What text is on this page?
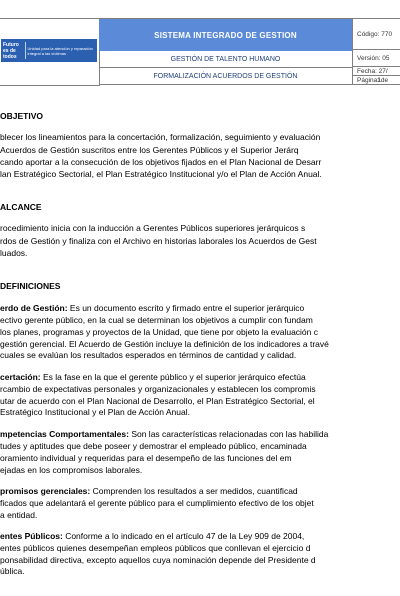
Futuro es de todos
Unidad para la atención y reparación integral a las víctimas
SISTEMA INTEGRADO DE GESTION
GESTIÓN DE TALENTO HUMANO
FORMALIZACIÓN ACUERDOS DE GESTIÓN
Código: 770
Versión: 05
Fecha: 27/
Página 1 de
OBJETIVO
blecer los lineamientos para la concertación, formalización, seguimiento y evaluación
Acuerdos de Gestión suscritos entre los Gerentes Públicos y el Superior Jerárq
cando aportar a la consecución de los objetivos fijados en el Plan Nacional de Desarr
lan Estratégico Sectorial, el Plan Estratégico Institucional y/o el Plan de Acción Anual.
ALCANCE
rocedimiento inicia con la inducción a Gerentes Públicos superiores jerárquicos s
rdos de Gestión y finaliza con el Archivo en historias laborales los Acuerdos de Gest
luados.
DEFINICIONES
erdo de Gestión: Es un documento escrito y firmado entre el superior jerárquico
ectivo gerente público, en la cual se determinan los objetivos a cumplir con fundam
los planes, programas y proyectos de la Unidad, que tiene por objeto la evaluación c
gestión gerencial. El Acuerdo de Gestión incluye la definición de los indicadores a travé
cuales se evalúan los resultados esperados en términos de cantidad y calidad.
certación: Es la fase en la que el gerente público y el superior jerárquico efectúa
rcambio de expectativas personales y organizacionales y establecen los compromis
utar de acuerdo con el Plan Nacional de Desarrollo, el Plan Estratégico Sectorial, el
Estratégico Institucional y el Plan de Acción Anual.
mpetencias Comportamentales: Son las características relacionadas con las habilida
tudes y aptitudes que debe poseer y demostrar el empleado público, encaminada
oramiento individual y requeridas para el desempeño de las funciones del em
ejadas en los compromisos laborales.
promisos gerenciales: Comprenden los resultados a ser medidos, cuantificad
ficados que adelantará el gerente público para el cumplimiento efectivo de los objet
a entidad.
entes Públicos: Conforme a lo indicado en el artículo 47 de la Ley 909 de 2004,
entes públicos quienes desempeñan empleos públicos que conllevan el ejercicio d
ponsabilidad directiva, excepto aquellos cuya nominación depende del Presidente d
ública.
